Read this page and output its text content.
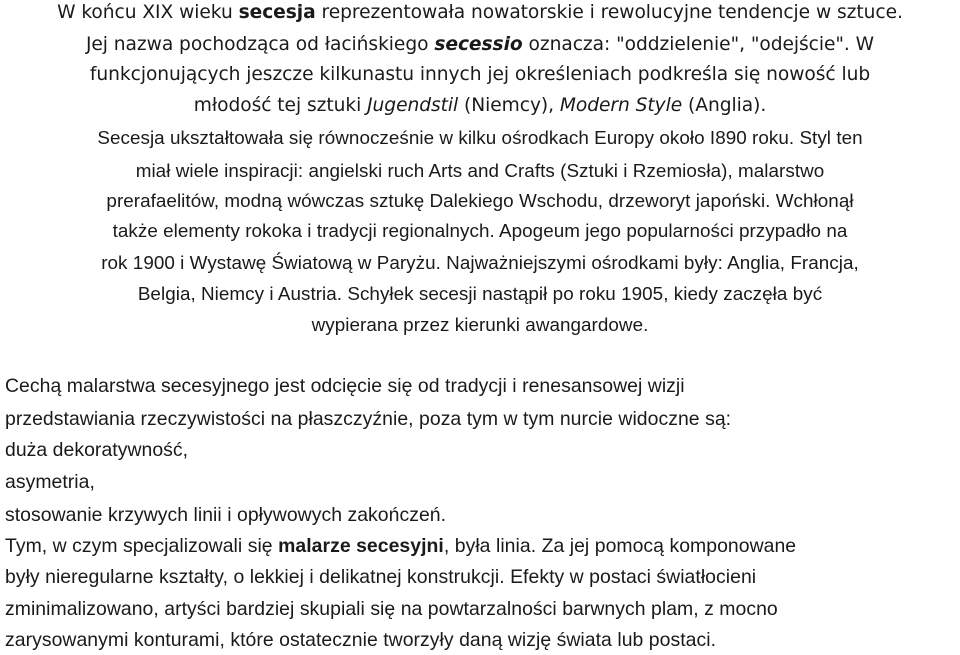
W końcu XIX wieku secesja reprezentowała nowatorskie i rewolucyjne tendencje w sztuce.
Jej nazwa pochodząca od łacińskiego secessio oznacza: "oddzielenie", "odejście". W
funkcjonujących jeszcze kilkunastu innych jej określeniach podkreśla się nowość lub
młodość tej sztuki Jugendstil (Niemcy), Modern Style (Anglia).
Secesja ukształtowała się równocześnie w kilku ośrodkach Europy około I890 roku. Styl ten
miał wiele inspiracji: angielski ruch Arts and Crafts (Sztuki i Rzemiosła), malarstwo
prerafaelitów, modną wówczas sztukę Dalekiego Wschodu, drzeworyt japoński. Wchłonął
także elementy rokoka i tradycji regionalnych. Apogeum jego popularności przypadło na
rok 1900 i Wystawę Światową w Paryżu. Najważniejszymi ośrodkami były: Anglia, Francja,
Belgia, Niemcy i Austria. Schyłek secesji nastąpił po roku 1905, kiedy zaczęła być
wypierana przez kierunki awangardowe.
Cechą malarstwa secesyjnego jest odcięcie się od tradycji i renesansowej wizji
przedstawiania rzeczywistości na płaszczyźnie, poza tym w tym nurcie widoczne są:
duża dekoratywność,
asymetria,
stosowanie krzywych linii i opływowych zakończeń.
Tym, w czym specjalizowali się malarze secesyjni, była linia. Za jej pomocą komponowane
były nieregularne kształty, o lekkiej i delikatnej konstrukcji. Efekty w postaci światłocieni
zminimalizowano, artyści bardziej skupiali się na powtarzalności barwnych plam, z mocno
zarysowanymi konturami, które ostatecznie tworzyły daną wizję świata lub postaci.
